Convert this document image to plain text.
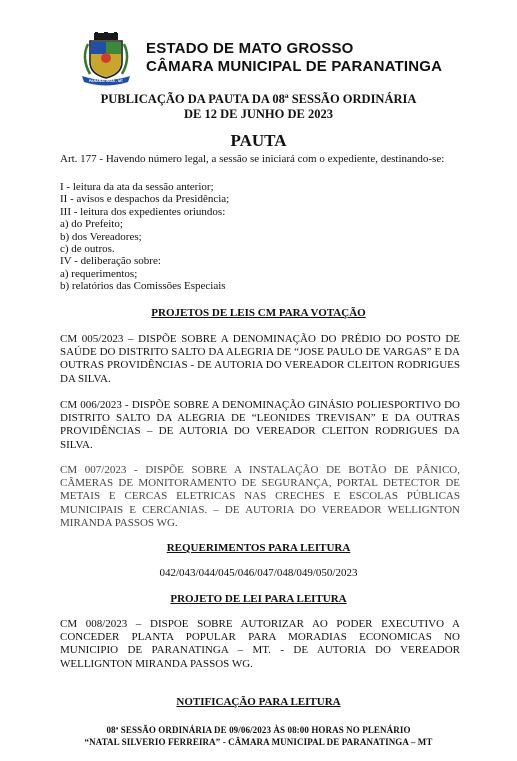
PARANATINGA - MT
ESTADO DE MATO GROSSO
CÂMARA MUNICIPAL DE PARANATINGA
PUBLICAÇÃO DA PAUTA DA 08ª SESSÃO ORDINÁRIA
DE 12 DE JUNHO DE 2023
PAUTA
Art. 177 - Havendo número legal, a sessão se iniciará com o expediente, destinando-se:
I - leitura da ata da sessão anterior;
II - avisos e despachos da Presidência;
III - leitura dos expedientes oriundos:
a) do Prefeito;
b) dos Vereadores;
c) de outros.
IV - deliberação sobre:
a) requerimentos;
b) relatórios das Comissões Especiais
PROJETOS DE LEIS CM PARA VOTAÇÃO
CM 005/2023 – DISPÕE SOBRE A DENOMINAÇÃO DO PRÉDIO DO POSTO DE SAÚDE DO DISTRITO SALTO DA ALEGRIA DE “JOSE PAULO DE VARGAS” E DA OUTRAS PROVIDÊNCIAS - DE AUTORIA DO VEREADOR CLEITON RODRIGUES DA SILVA.
CM 006/2023 - DISPÕE SOBRE A DENOMINAÇÃO GINÁSIO POLIESPORTIVO DO DISTRITO SALTO DA ALEGRIA DE “LEONIDES TREVISAN” E DA OUTRAS PROVIDÊNCIAS – DE AUTORIA DO VEREADOR CLEITON RODRIGUES DA SILVA.
CM 007/2023 - DISPÕE SOBRE A INSTALAÇÃO DE BOTÃO DE PÂNICO, CÂMERAS DE MONITORAMENTO DE SEGURANÇA, PORTAL DETECTOR DE METAIS E CERCAS ELETRICAS NAS CRECHES E ESCOLAS PÚBLICAS MUNICIPAIS E CERCANIAS. – DE AUTORIA DO VEREADOR WELLIGNTON MIRANDA PASSOS WG.
REQUERIMENTOS PARA LEITURA
042/043/044/045/046/047/048/049/050/2023
PROJETO DE LEI PARA LEITURA
CM 008/2023 – DISPOE SOBRE AUTORIZAR AO PODER EXECUTIVO A CONCEDER PLANTA POPULAR PARA MORADIAS ECONOMICAS NO MUNICIPIO DE PARANATINGA – MT. - DE AUTORIA DO VEREADOR WELLIGNTON MIRANDA PASSOS WG.
NOTIFICAÇÃO PARA LEITURA
08ª SESSÃO ORDINÁRIA DE 09/06/2023 ÀS 08:00 HORAS NO PLENÁRIO
“NATAL SILVERIO FERREIRA” - CÂMARA MUNICIPAL DE PARANATINGA – MT
